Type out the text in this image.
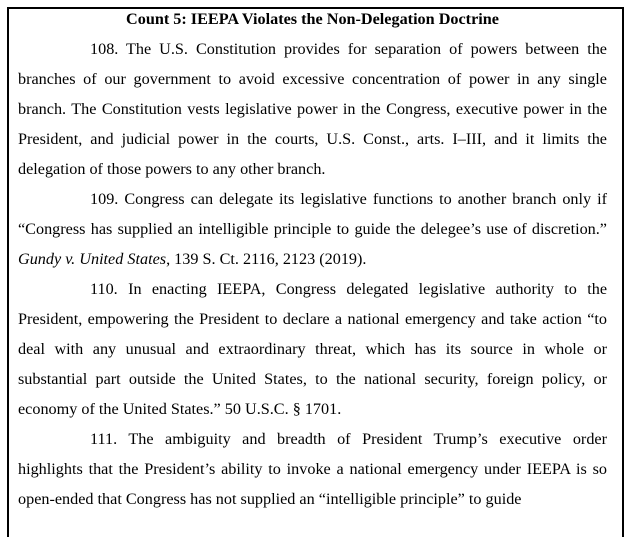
Count 5: IEEPA Violates the Non-Delegation Doctrine

108. The U.S. Constitution provides for separation of powers between the branches of our government to avoid excessive concentration of power in any single branch. The Constitution vests legislative power in the Congress, executive power in the President, and judicial power in the courts, U.S. Const., arts. I–III, and it limits the delegation of those powers to any other branch.

109. Congress can delegate its legislative functions to another branch only if “Congress has supplied an intelligible principle to guide the delegee’s use of discretion.” Gundy v. United States, 139 S. Ct. 2116, 2123 (2019).

110. In enacting IEEPA, Congress delegated legislative authority to the President, empowering the President to declare a national emergency and take action “to deal with any unusual and extraordinary threat, which has its source in whole or substantial part outside the United States, to the national security, foreign policy, or economy of the United States.” 50 U.S.C. § 1701.

111. The ambiguity and breadth of President Trump’s executive order highlights that the President’s ability to invoke a national emergency under IEEPA is so open-ended that Congress has not supplied an “intelligible principle” to guide
